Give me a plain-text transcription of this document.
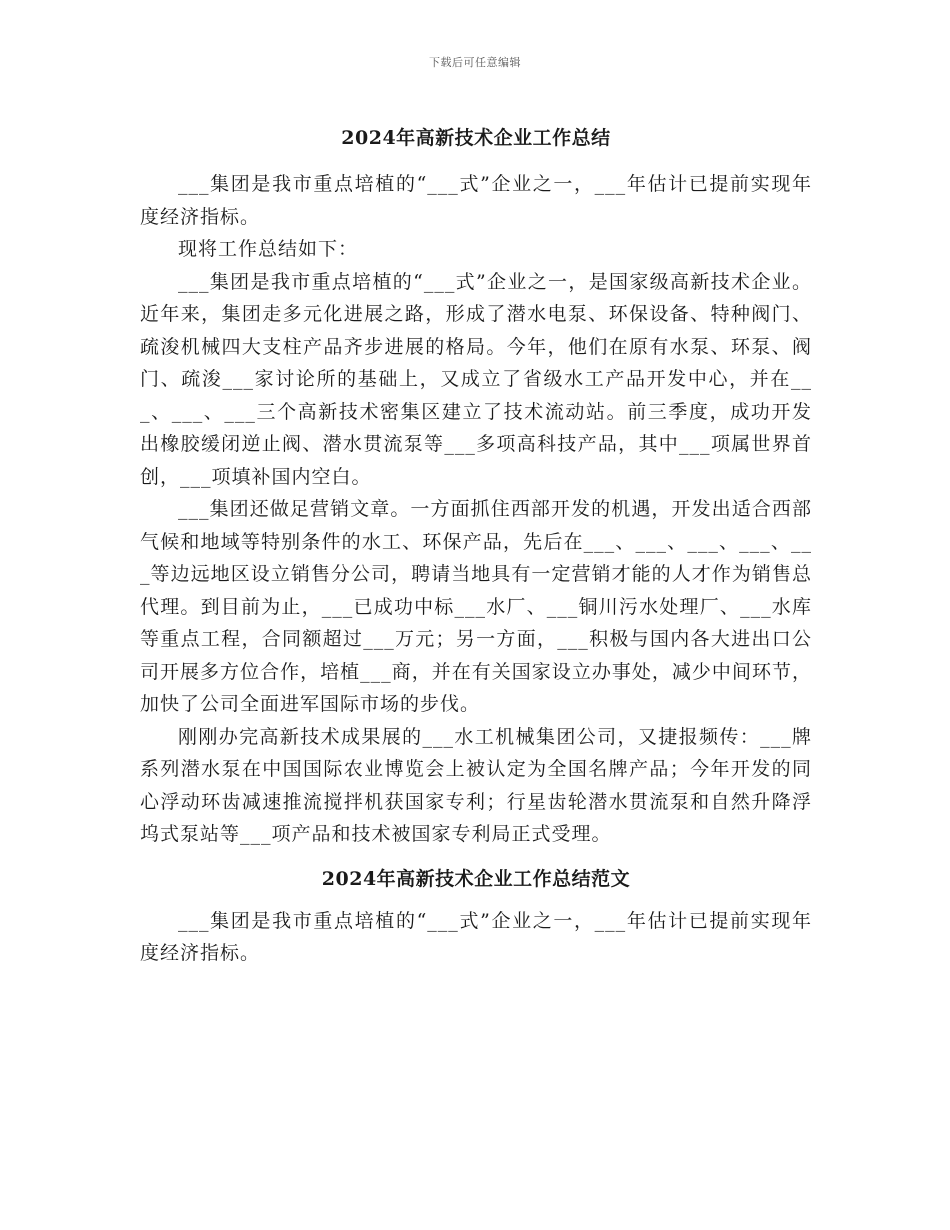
下载后可任意编辑
2024年高新技术企业工作总结

___集团是我市重点培植的“___式”企业之一，___年估计已提前实现年度经济指标。

现将工作总结如下：

___集团是我市重点培植的“___式”企业之一，是国家级高新技术企业。近年来，集团走多元化进展之路，形成了潜水电泵、环保设备、特种阀门、疏浚机械四大支柱产品齐步进展的格局。今年，他们在原有水泵、环泵、阀门、疏浚___家讨论所的基础上，又成立了省级水工产品开发中心，并在___、___、___三个高新技术密集区建立了技术流动站。前三季度，成功开发出橡胶缓闭逆止阀、潜水贯流泵等___多项高科技产品，其中___项属世界首创，___项填补国内空白。

___集团还做足营销文章。一方面抓住西部开发的机遇，开发出适合西部气候和地域等特别条件的水工、环保产品，先后在___、___、___、___、___等边远地区设立销售分公司，聘请当地具有一定营销才能的人才作为销售总代理。到目前为止，___已成功中标___水厂、___铜川污水处理厂、___水库等重点工程，合同额超过___万元；另一方面，___积极与国内各大进出口公司开展多方位合作，培植___商，并在有关国家设立办事处，减少中间环节，加快了公司全面进军国际市场的步伐。

刚刚办完高新技术成果展的___水工机械集团公司，又捷报频传：___牌系列潜水泵在中国国际农业博览会上被认定为全国名牌产品；今年开发的同心浮动环齿减速推流搅拌机获国家专利；行星齿轮潜水贯流泵和自然升降浮坞式泵站等___项产品和技术被国家专利局正式受理。

2024年高新技术企业工作总结范文

___集团是我市重点培植的“___式”企业之一，___年估计已提前实现年度经济指标。
